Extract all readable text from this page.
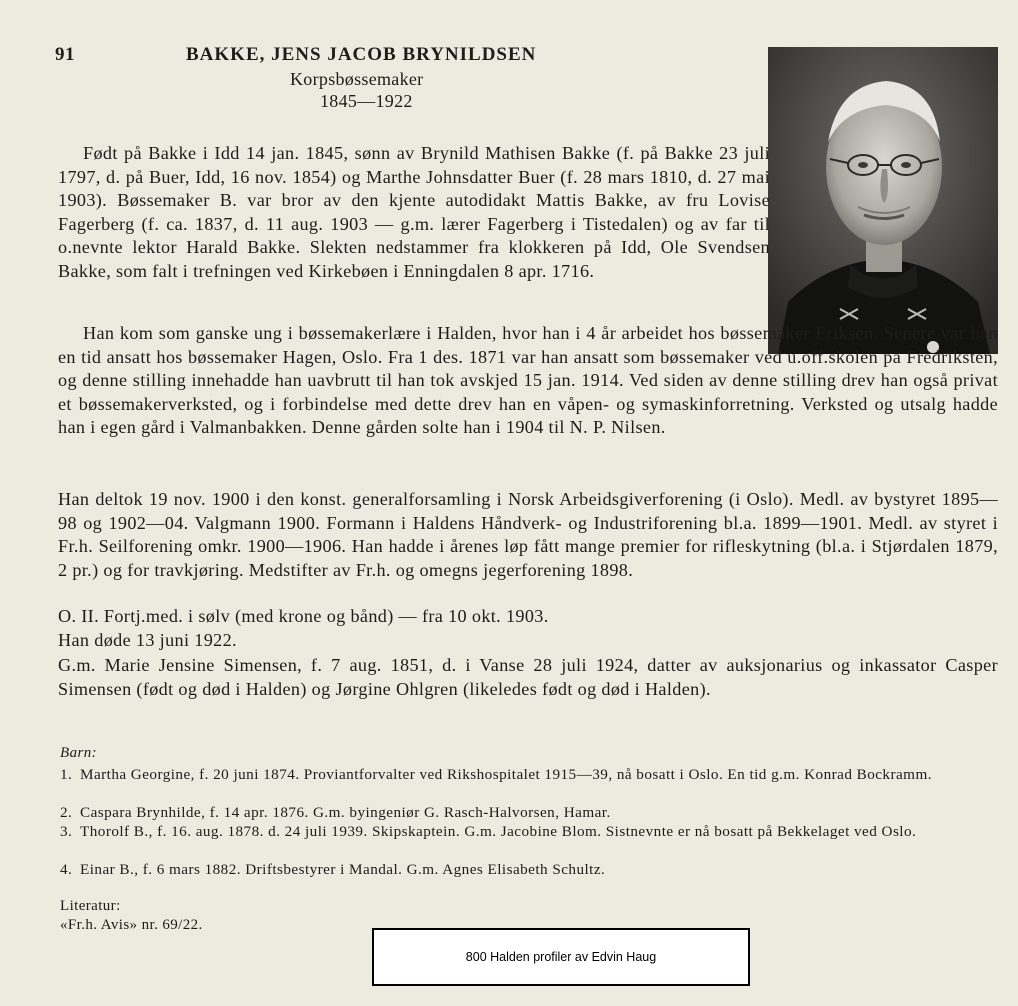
91	BAKKE, JENS JACOB BRYNILDSEN
Korpsbøssemaker
1845—1922

Født på Bakke i Idd 14 jan. 1845, sønn av Brynild Mathisen Bakke (f. på Bakke 23 juli 1797, d. på Buer, Idd, 16 nov. 1854) og Marthe Johnsdatter Buer (f. 28 mars 1810, d. 27 mai 1903). Bøssemaker B. var bror av den kjente autodidakt Mattis Bakke, av fru Lovise Fagerberg (f. ca. 1837, d. 11 aug. 1903 — g.m. lærer Fagerberg i Tistedalen) og av far til o.nevnte lektor Harald Bakke. Slekten nedstammer fra klokkeren på Idd, Ole Svendsen Bakke, som falt i trefningen ved Kirkebøen i Enningdalen 8 apr. 1716.

Han kom som ganske ung i bøssemakerlære i Halden, hvor han i 4 år arbeidet hos bøssemaker Eriksen. Senere var han en tid ansatt hos bøssemaker Hagen, Oslo. Fra 1 des. 1871 var han ansatt som bøssemaker ved u.off.skolen på Fredriksten, og denne stilling innehadde han uavbrutt til han tok avskjed 15 jan. 1914. Ved siden av denne stilling drev han også privat et bøssemakerverksted, og i forbindelse med dette drev han en våpen- og symaskinforretning. Verksted og utsalg hadde han i egen gård i Valmanbakken. Denne gården solte han i 1904 til N. P. Nilsen.

Han deltok 19 nov. 1900 i den konst. generalforsamling i Norsk Arbeidsgiverforening (i Oslo). Medl. av bystyret 1895—98 og 1902—04. Valgmann 1900. Formann i Haldens Håndverk- og Industriforening bl.a. 1899—1901. Medl. av styret i Fr.h. Seilforening omkr. 1900—1906. Han hadde i årenes løp fått mange premier for rifleskytning (bl.a. i Stjørdalen 1879, 2 pr.) og for travkjøring. Medstifter av Fr.h. og omegns jegerforening 1898.

O. II. Fortj.med. i sølv (med krone og bånd) — fra 10 okt. 1903.
Han døde 13 juni 1922.

G.m. Marie Jensine Simensen, f. 7 aug. 1851, d. i Vanse 28 juli 1924, datter av auksjonarius og inkassator Casper Simensen (født og død i Halden) og Jørgine Ohlgren (likeledes født og død i Halden).

Barn:
1. Martha Georgine, f. 20 juni 1874. Proviantforvalter ved Rikshospitalet 1915—39, nå bosatt i Oslo. En tid g.m. Konrad Bockramm.
2. Caspara Brynhilde, f. 14 apr. 1876. G.m. byingeniør G. Rasch-Halvorsen, Hamar.
3. Thorolf B., f. 16. aug. 1878. d. 24 juli 1939. Skipskaptein. G.m. Jacobine Blom. Sistnevnte er nå bosatt på Bekkelaget ved Oslo.
4. Einar B., f. 6 mars 1882. Driftsbestyrer i Mandal. G.m. Agnes Elisabeth Schultz.
Literatur:
«Fr.h. Avis» nr. 69/22.
800 Halden profiler av Edvin Haug
